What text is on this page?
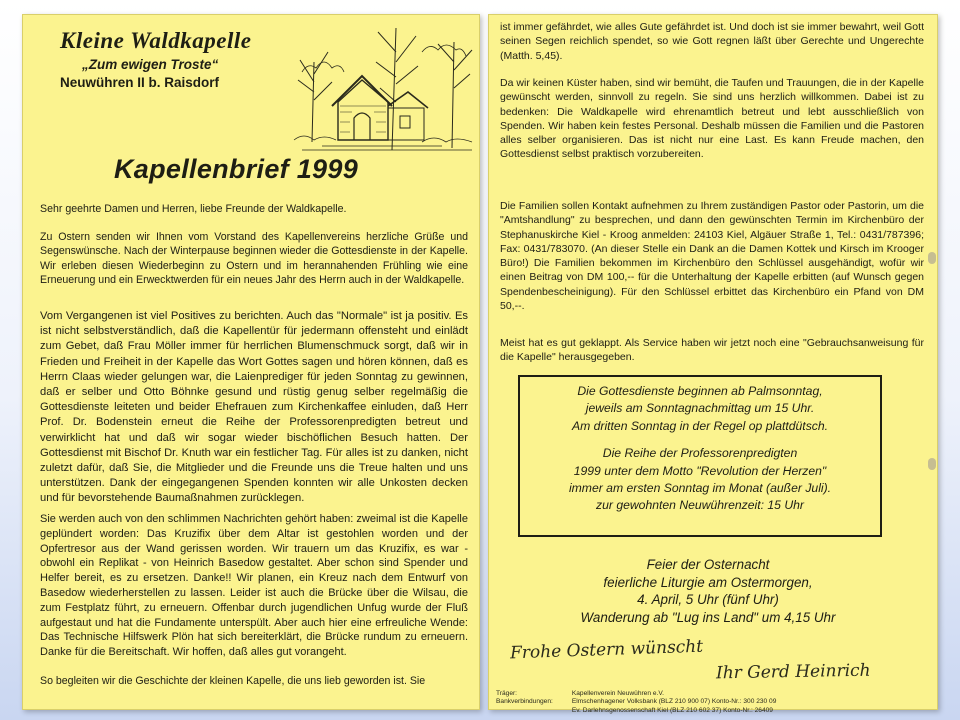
Kleine Waldkapelle
„Zum ewigen Troste“
Neuwühren II b. Raisdorf
Kapellenbrief 1999

Sehr geehrte Damen und Herren, liebe Freunde der Waldkapelle.

Zu Ostern senden wir Ihnen vom Vorstand des Kapellenvereins herzliche Grüße und Segenswünsche. Nach der Winterpause beginnen wieder die Gottesdienste in der Kapelle. Wir erleben diesen Wiederbeginn zu Ostern und im herannahenden Frühling wie eine Erneuerung und ein Erwecktwerden für ein neues Jahr des Herrn auch in der Waldkapelle.

Vom Vergangenen ist viel Positives zu berichten. Auch das "Normale" ist ja positiv. Es ist nicht selbstverständlich, daß die Kapellentür für jedermann offensteht und einlädt zum Gebet, daß Frau Möller immer für herrlichen Blumenschmuck sorgt, daß wir in Frieden und Freiheit in der Kapelle das Wort Gottes sagen und hören können, daß es Herrn Claas wieder gelungen war, die Laienprediger für jeden Sonntag zu gewinnen, daß er selber und Otto Böhnke gesund und rüstig genug selber regelmäßig die Gottesdienste leiteten und beider Ehefrauen zum Kirchenkaffee einluden, daß Herr Prof. Dr. Bodenstein erneut die Reihe der Professorenpredigten betreut und verwirklicht hat und daß wir sogar wieder bischöflichen Besuch hatten. Der Gottesdienst mit Bischof Dr. Knuth war ein festlicher Tag. Für alles ist zu danken, nicht zuletzt dafür, daß Sie, die Mitglieder und die Freunde uns die Treue halten und uns unterstützen. Dank der eingegangenen Spenden konnten wir alle Unkosten decken und für bevorstehende Baumaßnahmen zurücklegen.

Sie werden auch von den schlimmen Nachrichten gehört haben: zweimal ist die Kapelle geplündert worden: Das Kruzifix über dem Altar ist gestohlen worden und der Opfertresor aus der Wand gerissen worden. Wir trauern um das Kruzifix, es war - obwohl ein Replikat - von Heinrich Basedow gestaltet. Aber schon sind Spender und Helfer bereit, es zu ersetzen. Danke!! Wir planen, ein Kreuz nach dem Entwurf von Basedow wiederherstellen zu lassen. Leider ist auch die Brücke über die Wilsau, die zum Festplatz führt, zu erneuern. Offenbar durch jugendlichen Unfug wurde der Fluß aufgestaut und hat die Fundamente unterspült. Aber auch hier eine erfreuliche Wende: Das Technische Hilfswerk Plön hat sich bereiterklärt, die Brücke rundum zu erneuern. Danke für die Bereitschaft. Wir hoffen, daß alles gut vorangeht.

So begleiten wir die Geschichte der kleinen Kapelle, die uns lieb geworden ist. Sie

ist immer gefährdet, wie alles Gute gefährdet ist. Und doch ist sie immer bewahrt, weil Gott seinen Segen reichlich spendet, so wie Gott regnen läßt über Gerechte und Ungerechte (Matth. 5,45).

Da wir keinen Küster haben, sind wir bemüht, die Taufen und Trauungen, die in der Kapelle gewünscht werden, sinnvoll zu regeln. Sie sind uns herzlich willkommen. Dabei ist zu bedenken: Die Waldkapelle wird ehrenamtlich betreut und lebt ausschließlich von Spenden. Wir haben kein festes Personal. Deshalb müssen die Familien und die Pastoren alles selber organisieren. Das ist nicht nur eine Last. Es kann Freude machen, den Gottesdienst selbst praktisch vorzubereiten.

Die Familien sollen Kontakt aufnehmen zu Ihrem zuständigen Pastor oder Pastorin, um die "Amtshandlung" zu besprechen, und dann den gewünschten Termin im Kirchenbüro der Stephanuskirche Kiel - Kroog anmelden: 24103 Kiel, Algäuer Straße 1, Tel.: 0431/787396; Fax: 0431/783070. (An dieser Stelle ein Dank an die Damen Kottek und Kirsch im Krooger Büro!) Die Familien bekommen im Kirchenbüro den Schlüssel ausgehändigt, wofür wir einen Beitrag von DM 100,-- für die Unterhaltung der Kapelle erbitten (auf Wunsch gegen Spendenbescheinigung). Für den Schlüssel erbittet das Kirchenbüro ein Pfand von DM 50,--.

Meist hat es gut geklappt. Als Service haben wir jetzt noch eine "Gebrauchsanweisung für die Kapelle" herausgegeben.

Die Gottesdienste beginnen ab Palmsonntag,

jeweils am Sonntagnachmittag um 15 Uhr.

Am dritten Sonntag in der Regel op plattdütsch.

Die Reihe der Professorenpredigten

1999 unter dem Motto "Revolution der Herzen"

immer am ersten Sonntag im Monat (außer Juli).

zur gewohnten Neuwührenzeit: 15 Uhr

Feier der Osternacht
feierliche Liturgie am Ostermorgen,
4. April, 5 Uhr (fünf Uhr)
Wanderung ab "Lug ins Land" um 4,15 Uhr
Frohe Ostern wünscht
Ihr Gerd Heinrich
Träger:	Kapellenverein Neuwühren e.V.
Bankverbindungen:	Elmschenhagener Volksbank (BLZ 210 900 07) Konto-Nr.: 300 230 09
Ev. Darlehnsgenossenschaft Kiel (BLZ 210 602 37) Konto-Nr.: 26409
